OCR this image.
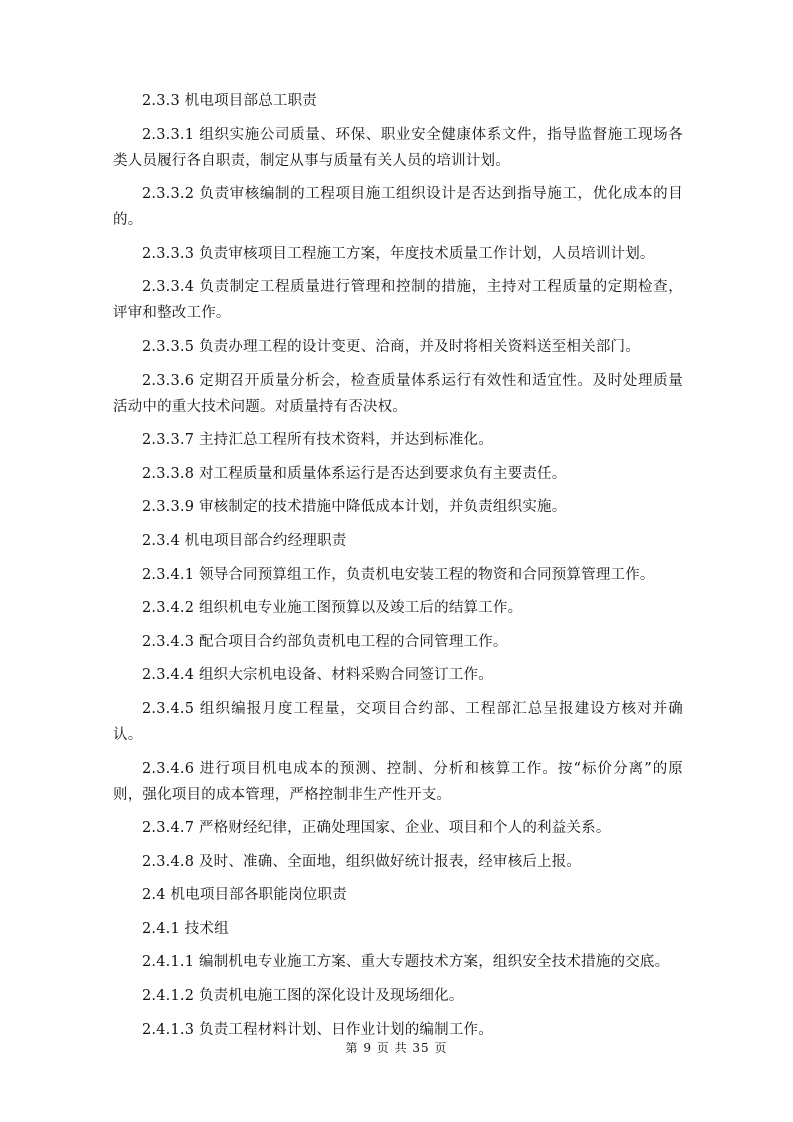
2.3.3 机电项目部总工职责

2.3.3.1 组织实施公司质量、环保、职业安全健康体系文件，指导监督施工现场各类人员履行各自职责，制定从事与质量有关人员的培训计划。

2.3.3.2 负责审核编制的工程项目施工组织设计是否达到指导施工，优化成本的目的。

2.3.3.3 负责审核项目工程施工方案，年度技术质量工作计划，人员培训计划。

2.3.3.4 负责制定工程质量进行管理和控制的措施，主持对工程质量的定期检查，评审和整改工作。

2.3.3.5 负责办理工程的设计变更、洽商，并及时将相关资料送至相关部门。

2.3.3.6 定期召开质量分析会，检查质量体系运行有效性和适宜性。及时处理质量活动中的重大技术问题。对质量持有否决权。

2.3.3.7 主持汇总工程所有技术资料，并达到标准化。

2.3.3.8 对工程质量和质量体系运行是否达到要求负有主要责任。

2.3.3.9 审核制定的技术措施中降低成本计划，并负责组织实施。

2.3.4 机电项目部合约经理职责

2.3.4.1 领导合同预算组工作，负责机电安装工程的物资和合同预算管理工作。

2.3.4.2 组织机电专业施工图预算以及竣工后的结算工作。

2.3.4.3 配合项目合约部负责机电工程的合同管理工作。

2.3.4.4 组织大宗机电设备、材料采购合同签订工作。

2.3.4.5 组织编报月度工程量，交项目合约部、工程部汇总呈报建设方核对并确认。

2.3.4.6 进行项目机电成本的预测、控制、分析和核算工作。按“标价分离”的原则，强化项目的成本管理，严格控制非生产性开支。

2.3.4.7 严格财经纪律，正确处理国家、企业、项目和个人的利益关系。

2.3.4.8 及时、准确、全面地，组织做好统计报表，经审核后上报。

2.4 机电项目部各职能岗位职责

2.4.1 技术组

2.4.1.1 编制机电专业施工方案、重大专题技术方案，组织安全技术措施的交底。

2.4.1.2 负责机电施工图的深化设计及现场细化。

2.4.1.3 负责工程材料计划、日作业计划的编制工作。

第 9 页 共 35 页
